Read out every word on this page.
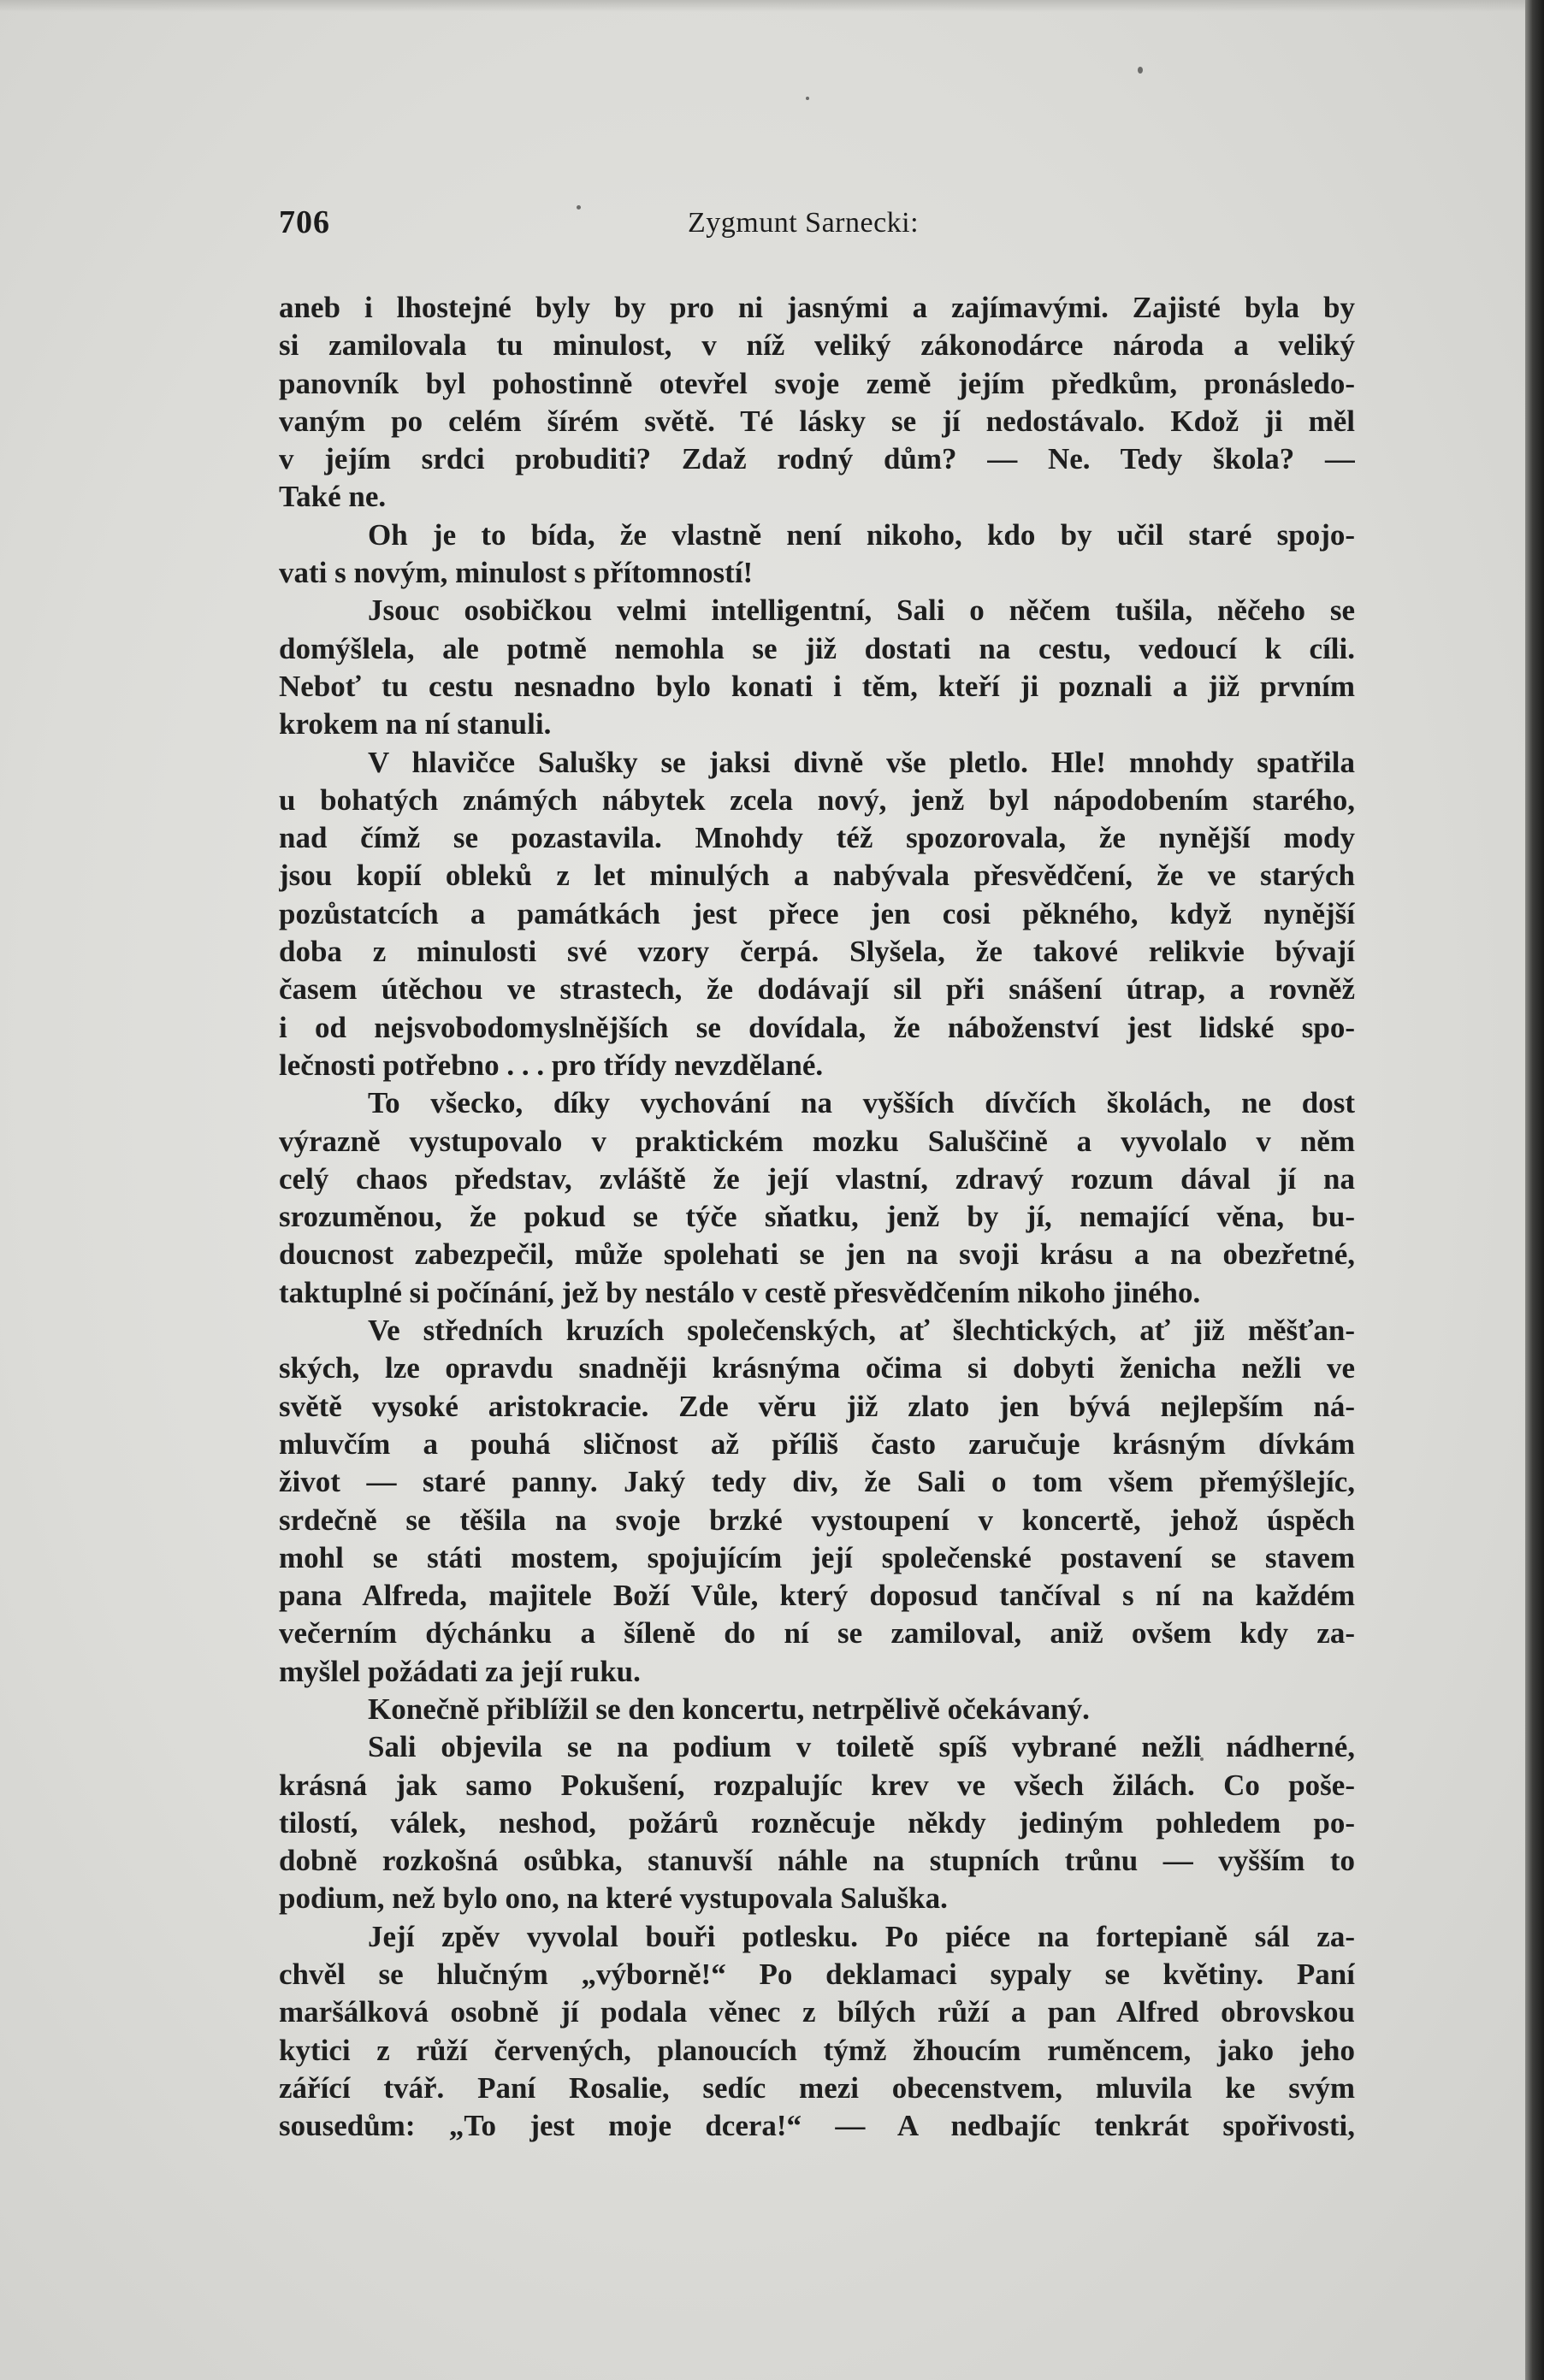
706	Zygmunt Sarnecki:
aneb i lhostejné byly by pro ni jasnými a zajímavými. Zajisté byla by
si zamilovala tu minulost, v níž veliký zákonodárce národa a veliký
panovník byl pohostinně otevřel svoje země jejím předkům, pronásledo-
vaným po celém šírém světě. Té lásky se jí nedostávalo. Kdož ji měl
v jejím srdci probuditi? Zdaž rodný dům? — Ne. Tedy škola? —
Také ne.
Oh je to bída, že vlastně není nikoho, kdo by učil staré spojo-
vati s novým, minulost s přítomností!
Jsouc osobičkou velmi intelligentní, Sali o něčem tušila, něčeho se
domýšlela, ale potmě nemohla se již dostati na cestu, vedoucí k cíli.
Neboť tu cestu nesnadno bylo konati i těm, kteří ji poznali a již prvním
krokem na ní stanuli.
V hlavičce Salušky se jaksi divně vše pletlo. Hle! mnohdy spatřila
u bohatých známých nábytek zcela nový, jenž byl nápodobením starého,
nad čímž se pozastavila. Mnohdy též spozorovala, že nynější mody
jsou kopií obleků z let minulých a nabývala přesvědčení, že ve starých
pozůstatcích a památkách jest přece jen cosi pěkného, když nynější
doba z minulosti své vzory čerpá. Slyšela, že takové relikvie bývají
časem útěchou ve strastech, že dodávají sil při snášení útrap, a rovněž
i od nejsvobodomyslnějších se dovídala, že náboženství jest lidské spo-
lečnosti potřebno . . . pro třídy nevzdělané.
To všecko, díky vychování na vyšších dívčích školách, ne dost
výrazně vystupovalo v praktickém mozku Saluščině a vyvolalo v něm
celý chaos představ, zvláště že její vlastní, zdravý rozum dával jí na
srozuměnou, že pokud se týče sňatku, jenž by jí, nemající věna, bu-
doucnost zabezpečil, může spolehati se jen na svoji krásu a na obezřetné,
taktuplné si počínání, jež by nestálo v cestě přesvědčením nikoho jiného.
Ve středních kruzích společenských, ať šlechtických, ať již měšťan-
ských, lze opravdu snadněji krásnýma očima si dobyti ženicha nežli ve
světě vysoké aristokracie. Zde věru již zlato jen bývá nejlepším ná-
mluvčím a pouhá sličnost až příliš často zaručuje krásným dívkám
život — staré panny. Jaký tedy div, že Sali o tom všem přemýšlejíc,
srdečně se těšila na svoje brzké vystoupení v koncertě, jehož úspěch
mohl se státi mostem, spojujícím její společenské postavení se stavem
pana Alfreda, majitele Boží Vůle, který doposud tančíval s ní na každém
večerním dýchánku a šíleně do ní se zamiloval, aniž ovšem kdy za-
myšlel požádati za její ruku.
Konečně přiblížil se den koncertu, netrpělivě očekávaný.
Sali objevila se na podium v toiletě spíš vybrané nežli nádherné,
krásná jak samo Pokušení, rozpalujíc krev ve všech žilách. Co poše-
tilostí, válek, neshod, požárů rozněcuje někdy jediným pohledem po-
dobně rozkošná osůbka, stanuvší náhle na stupních trůnu — vyšším to
podium, než bylo ono, na které vystupovala Saluška.
Její zpěv vyvolal bouři potlesku. Po piéce na fortepianě sál za-
chvěl se hlučným „výborně!“ Po deklamaci sypaly se květiny. Paní
maršálková osobně jí podala věnec z bílých růží a pan Alfred obrovskou
kytici z růží červených, planoucích týmž žhoucím ruměncem, jako jeho
zářící tvář. Paní Rosalie, sedíc mezi obecenstvem, mluvila ke svým
sousedům: „To jest moje dcera!“ — A nedbajíc tenkrát spořivosti,
